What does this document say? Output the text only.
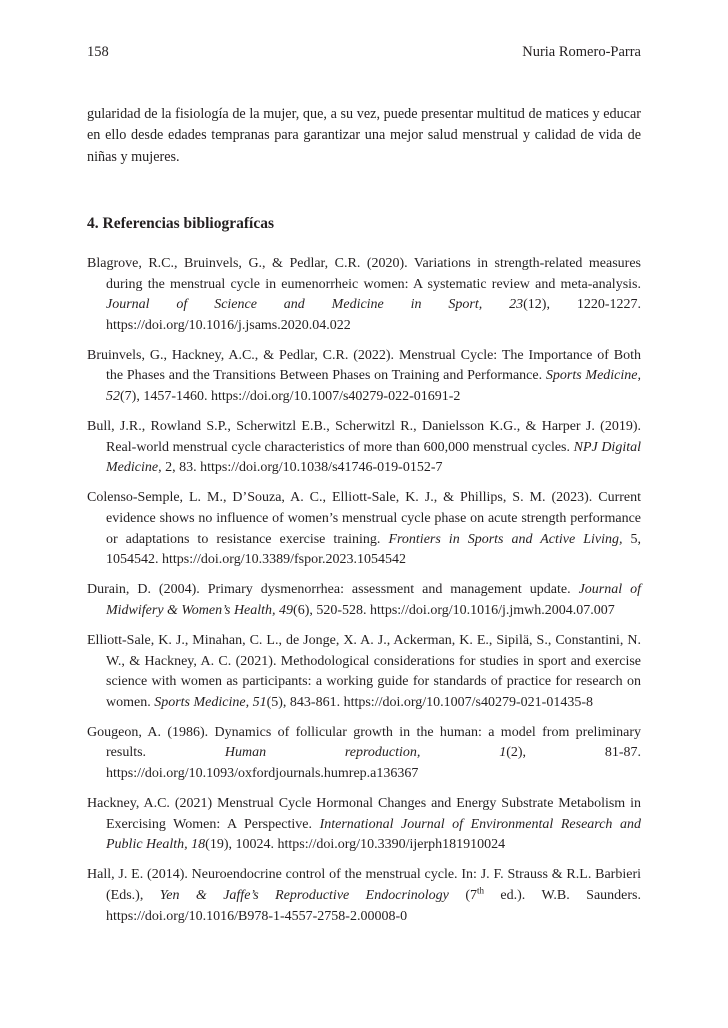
158	Nuria Romero-Parra

gularidad de la fisiología de la mujer, que, a su vez, puede presentar multitud de matices y educar en ello desde edades tempranas para garantizar una mejor salud menstrual y calidad de vida de niñas y mujeres.

4. Referencias bibliografícas

Blagrove, R.C., Bruinvels, G., & Pedlar, C.R. (2020). Variations in strength-related measures during the menstrual cycle in eumenorrheic women: A systematic review and meta-analysis. Journal of Science and Medicine in Sport, 23(12), 1220-1227. https://doi.org/10.1016/j.jsams.2020.04.022

Bruinvels, G., Hackney, A.C., & Pedlar, C.R. (2022). Menstrual Cycle: The Importance of Both the Phases and the Transitions Between Phases on Training and Performance. Sports Medicine, 52(7), 1457-1460. https://doi.org/10.1007/s40279-022-01691-2

Bull, J.R., Rowland S.P., Scherwitzl E.B., Scherwitzl R., Danielsson K.G., & Harper J. (2019). Real-world menstrual cycle characteristics of more than 600,000 menstrual cycles. NPJ Digital Medicine, 2, 83. https://doi.org/10.1038/s41746-019-0152-7

Colenso-Semple, L. M., D’Souza, A. C., Elliott-Sale, K. J., & Phillips, S. M. (2023). Current evidence shows no influence of women’s menstrual cycle phase on acute strength performance or adaptations to resistance exercise training. Frontiers in Sports and Active Living, 5, 1054542. https://doi.org/10.3389/fspor.2023.1054542

Durain, D. (2004). Primary dysmenorrhea: assessment and management update. Journal of Midwifery & Women’s Health, 49(6), 520-528. https://doi.org/10.1016/j.jmwh.2004.07.007

Elliott-Sale, K. J., Minahan, C. L., de Jonge, X. A. J., Ackerman, K. E., Sipilä, S., Constantini, N. W., & Hackney, A. C. (2021). Methodological considerations for studies in sport and exercise science with women as participants: a working guide for standards of practice for research on women. Sports Medicine, 51(5), 843-861. https://doi.org/10.1007/s40279-021-01435-8

Gougeon, A. (1986). Dynamics of follicular growth in the human: a model from preliminary results. Human reproduction, 1(2), 81-87. https://doi.org/10.1093/oxfordjournals.humrep.a136367

Hackney, A.C. (2021) Menstrual Cycle Hormonal Changes and Energy Substrate Metabolism in Exercising Women: A Perspective. International Journal of Environmental Research and Public Health, 18(19), 10024. https://doi.org/10.3390/ijerph181910024

Hall, J. E. (2014). Neuroendocrine control of the menstrual cycle. In: J. F. Strauss & R.L. Barbieri (Eds.), Yen & Jaffe’s Reproductive Endocrinology (7th ed.). W.B. Saunders. https://doi.org/10.1016/B978-1-4557-2758-2.00008-0
